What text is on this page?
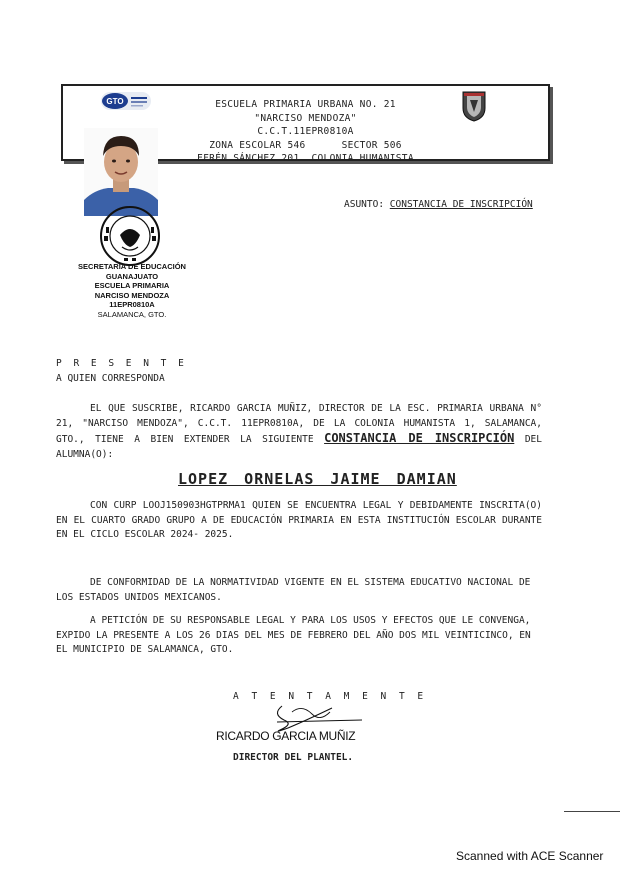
ESCUELA PRIMARIA URBANA NO. 21
"NARCISO MENDOZA"
C.C.T.11EPR0810A
ZONA ESCOLAR 546      SECTOR 506
EFRÉN SÁNCHEZ 201. COLONIA HUMANISTA
GTO
SECRETARÍA DE EDUCACIÓN
GUANAJUATO
ESCUELA PRIMARIA
NARCISO MENDOZA
11EPR0810A
SALAMANCA, GTO.
ASUNTO: CONSTANCIA DE INSCRIPCIÓN
P R E S E N T E
A QUIEN CORRESPONDA
EL QUE SUSCRIBE, RICARDO GARCIA MUÑIZ, DIRECTOR DE LA ESC. PRIMARIA URBANA N° 21, "NARCISO MENDOZA", C.C.T. 11EPR0810A, DE LA COLONIA HUMANISTA 1, SALAMANCA, GTO., TIENE A BIEN EXTENDER LA SIGUIENTE CONSTANCIA DE INSCRIPCIÓN DEL ALUMNA(O):
LOPEZ ORNELAS JAIME DAMIAN
CON CURP LOOJ150903HGTPRMA1 QUIEN SE ENCUENTRA LEGAL Y DEBIDAMENTE INSCRITA(O) EN EL CUARTO GRADO GRUPO A DE EDUCACIÓN PRIMARIA EN ESTA INSTITUCIÓN ESCOLAR DURANTE EN EL CICLO ESCOLAR 2024- 2025.
DE CONFORMIDAD DE LA NORMATIVIDAD VIGENTE EN EL SISTEMA EDUCATIVO NACIONAL DE LOS ESTADOS UNIDOS MEXICANOS.
A PETICIÓN DE SU RESPONSABLE LEGAL Y PARA LOS USOS Y EFECTOS QUE LE CONVENGA, EXPIDO LA PRESENTE A LOS 26 DIAS DEL MES DE FEBRERO DEL AÑO DOS MIL VEINTICINCO, EN EL MUNICIPIO DE SALAMANCA, GTO.
A T E N T A M E N T E
RICARDO GARCIA MUÑIZ
DIRECTOR DEL PLANTEL.
Scanned with ACE Scanner
